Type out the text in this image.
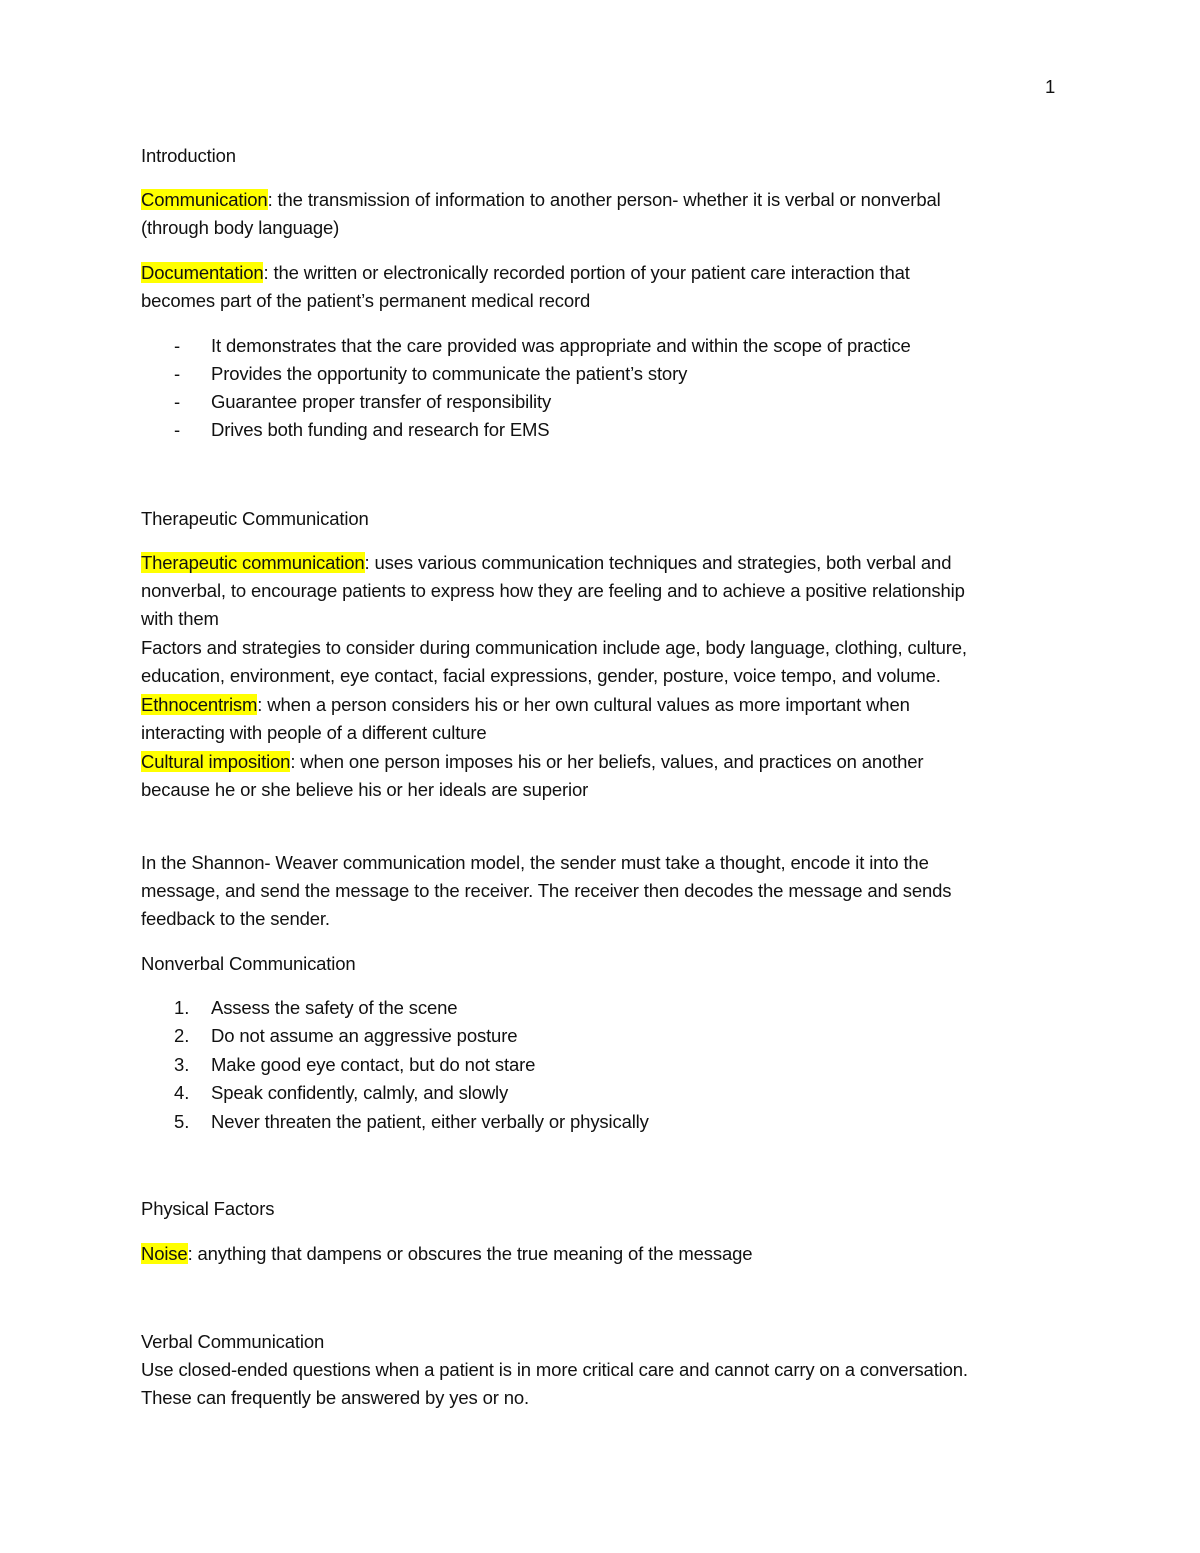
1
Introduction
Communication: the transmission of information to another person- whether it is verbal or nonverbal
(through body language)
Documentation: the written or electronically recorded portion of your patient care interaction that
becomes part of the patient’s permanent medical record
- It demonstrates that the care provided was appropriate and within the scope of practice
- Provides the opportunity to communicate the patient’s story
- Guarantee proper transfer of responsibility
- Drives both funding and research for EMS
Therapeutic Communication
Therapeutic communication: uses various communication techniques and strategies, both verbal and
nonverbal, to encourage patients to express how they are feeling and to achieve a positive relationship
with them
Factors and strategies to consider during communication include age, body language, clothing, culture,
education, environment, eye contact, facial expressions, gender, posture, voice tempo, and volume.
Ethnocentrism: when a person considers his or her own cultural values as more important when
interacting with people of a different culture
Cultural imposition: when one person imposes his or her beliefs, values, and practices on another
because he or she believe his or her ideals are superior
In the Shannon- Weaver communication model, the sender must take a thought, encode it into the
message, and send the message to the receiver. The receiver then decodes the message and sends
feedback to the sender.
Nonverbal Communication
1. Assess the safety of the scene
2. Do not assume an aggressive posture
3. Make good eye contact, but do not stare
4. Speak confidently, calmly, and slowly
5. Never threaten the patient, either verbally or physically
Physical Factors
Noise: anything that dampens or obscures the true meaning of the message
Verbal Communication
Use closed-ended questions when a patient is in more critical care and cannot carry on a conversation.
These can frequently be answered by yes or no.
